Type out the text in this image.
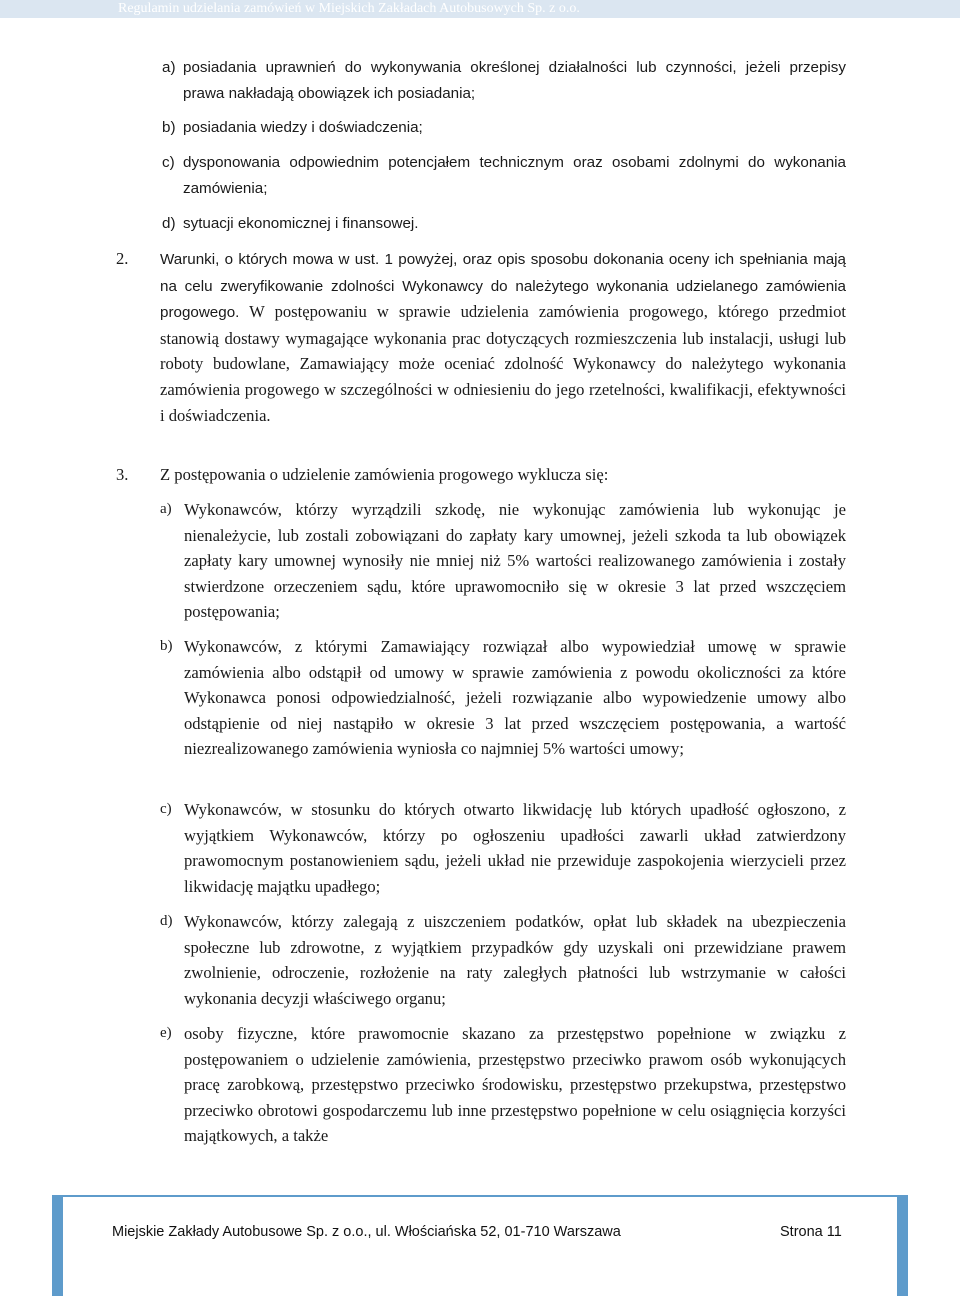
Regulamin udzielania zamówień w Miejskich Zakładach Autobusowych Sp. z o.o.
a) posiadania uprawnień do wykonywania określonej działalności lub czynności, jeżeli przepisy prawa nakładają obowiązek ich posiadania;
b) posiadania wiedzy i doświadczenia;
c) dysponowania odpowiednim potencjałem technicznym oraz osobami zdolnymi do wykonania zamówienia;
d) sytuacji ekonomicznej i finansowej.
2.	Warunki, o których mowa w ust. 1 powyżej, oraz opis sposobu dokonania oceny ich spełniania mają na celu zweryfikowanie zdolności Wykonawcy do należytego wykonania udzielanego zamówienia progowego. W postępowaniu w sprawie udzielenia zamówienia progowego, którego przedmiot stanowią dostawy wymagające wykonania prac dotyczących rozmieszczenia lub instalacji, usługi lub roboty budowlane, Zamawiający może oceniać zdolność Wykonawcy do należytego wykonania zamówienia progowego w szczególności w odniesieniu do jego rzetelności, kwalifikacji, efektywności i doświadczenia.
3.	Z postępowania o udzielenie zamówienia progowego wyklucza się:
a) Wykonawców, którzy wyrządzili szkodę, nie wykonując zamówienia lub wykonując je nienależycie, lub zostali zobowiązani do zapłaty kary umownej, jeżeli szkoda ta lub obowiązek zapłaty kary umownej wynosiły nie mniej niż 5% wartości realizowanego zamówienia i zostały stwierdzone orzeczeniem sądu, które uprawomocniło się w okresie 3 lat przed wszczęciem postępowania;
b) Wykonawców, z którymi Zamawiający rozwiązał albo wypowiedział umowę w sprawie zamówienia albo odstąpił od umowy w sprawie zamówienia z powodu okoliczności za które Wykonawca ponosi odpowiedzialność, jeżeli rozwiązanie albo wypowiedzenie umowy albo odstąpienie od niej nastąpiło w okresie 3 lat przed wszczęciem postępowania, a wartość niezrealizowanego zamówienia wyniosła co najmniej 5% wartości umowy;
c) Wykonawców, w stosunku do których otwarto likwidację lub których upadłość ogłoszono, z wyjątkiem Wykonawców, którzy po ogłoszeniu upadłości zawarli układ zatwierdzony prawomocnym postanowieniem sądu, jeżeli układ nie przewiduje zaspokojenia wierzycieli przez likwidację majątku upadłego;
d) Wykonawców, którzy zalegają z uiszczeniem podatków, opłat lub składek na ubezpieczenia społeczne lub zdrowotne, z wyjątkiem przypadków gdy uzyskali oni przewidziane prawem zwolnienie, odroczenie, rozłożenie na raty zaległych płatności lub wstrzymanie w całości wykonania decyzji właściwego organu;
e) osoby fizyczne, które prawomocnie skazano za przestępstwo popełnione w związku z postępowaniem o udzielenie zamówienia, przestępstwo przeciwko prawom osób wykonujących pracę zarobkową, przestępstwo przeciwko środowisku, przestępstwo przekupstwa, przestępstwo przeciwko obrotowi gospodarczemu lub inne przestępstwo popełnione w celu osiągnięcia korzyści majątkowych, a także
Miejskie Zakłady Autobusowe Sp. z o.o., ul. Włościańska 52, 01-710 Warszawa	Strona 11
